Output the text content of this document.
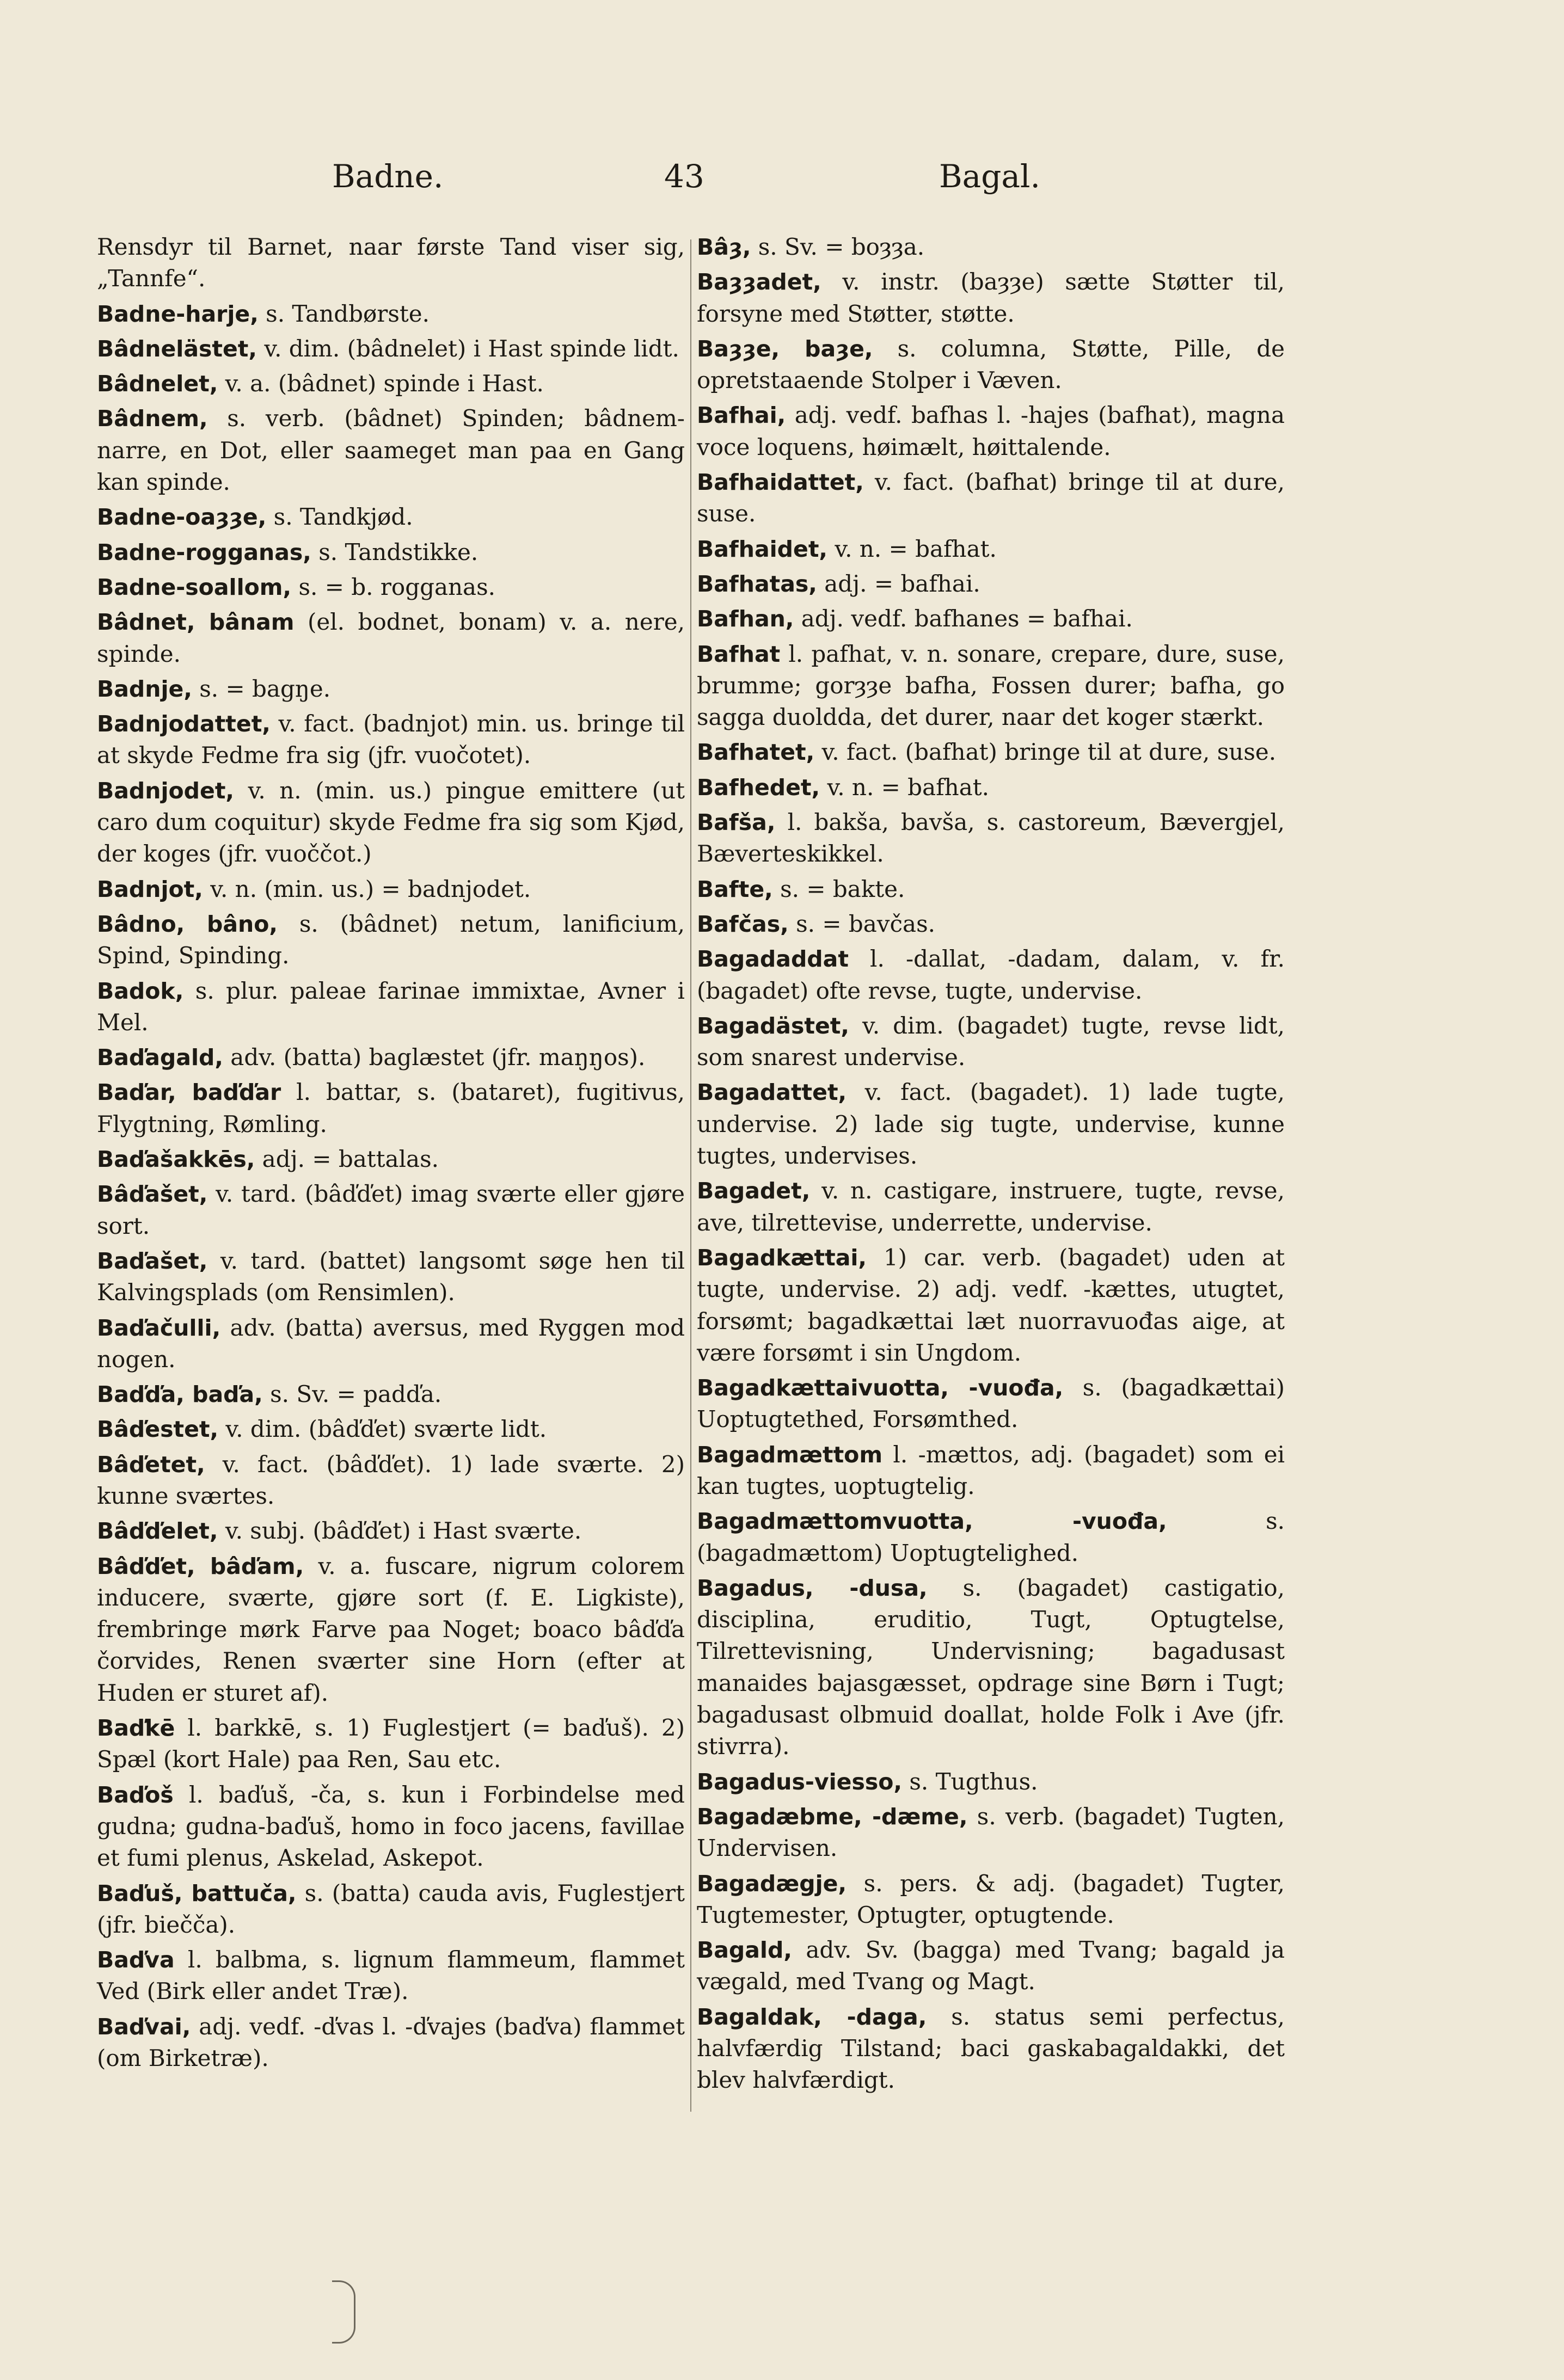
Badne.	43	Bagal.

Rensdyr til Barnet, naar første Tand viser sig, „Tannfe“.

Badne-harje, s. Tandbørste.

Bâdnelästet, v. dim. (bâdnelet) i Hast spinde lidt.

Bâdnelet, v. a. (bâdnet) spinde i Hast.

Bâdnem, s. verb. (bâdnet) Spinden; bâdnem-narre, en Dot, eller saameget man paa en Gang kan spinde.

Badne-oaȝȝe, s. Tandkjød.

Badne-rogganas, s. Tandstikke.

Badne-soallom, s. = b. rogganas.

Bâdnet, bânam (el. bodnet, bonam) v. a. nere, spinde.

Badnje, s. = bagŋe.

Badnjodattet, v. fact. (badnjot) min. us. bringe til at skyde Fedme fra sig (jfr. vuočotet).

Badnjodet, v. n. (min. us.) pingue emittere (ut caro dum coquitur) skyde Fedme fra sig som Kjød, der koges (jfr. vuoččot.)

Badnjot, v. n. (min. us.) = badnjodet.

Bâdno, bâno, s. (bâdnet) netum, lanificium, Spind, Spinding.

Badok, s. plur. paleae farinae immixtae, Avner i Mel.

Baďagald, adv. (batta) baglæstet (jfr. maŋŋos).

Baďar, baďďar l. battar, s. (bataret), fugitivus, Flygtning, Rømling.

Baďašakkēs, adj. = battalas.

Bâďašet, v. tard. (bâďďet) imag sværte eller gjøre sort.

Baďašet, v. tard. (battet) langsomt søge hen til Kalvingsplads (om Rensimlen).

Baďačulli, adv. (batta) aversus, med Ryggen mod nogen.

Baďďa, baďa, s. Sv. = padďa.

Bâďestet, v. dim. (bâďďet) sværte lidt.

Bâďetet, v. fact. (bâďďet). 1) lade sværte. 2) kunne sværtes.

Bâďďelet, v. subj. (bâďďet) i Hast sværte.

Bâďďet, bâďam, v. a. fuscare, nigrum colorem inducere, sværte, gjøre sort (f. E. Ligkiste), frembringe mørk Farve paa Noget; boaco bâďďa čorvides, Renen sværter sine Horn (efter at Huden er sturet af).

Baďkē l. barkkē, s. 1) Fuglestjert (= baďuš). 2) Spæl (kort Hale) paa Ren, Sau etc.

Baďoš l. baďuš, -ča, s. kun i Forbindelse med gudna; gudna-baďuš, homo in foco jacens, favillae et fumi plenus, Askelad, Askepot.

Baďuš, battuča, s. (batta) cauda avis, Fuglestjert (jfr. biečča).

Baďva l. balbma, s. lignum flammeum, flammet Ved (Birk eller andet Træ).

Baďvai, adj. vedf. -ďvas l. -ďvajes (baďva) flammet (om Birketræ).

Bâȝ, s. Sv. = boȝȝa.

Baȝȝadet, v. instr. (baȝȝe) sætte Støtter til, forsyne med Støtter, støtte.

Baȝȝe, baȝe, s. columna, Støtte, Pille, de opretstaaende Stolper i Væven.

Bafhai, adj. vedf. bafhas l. -hajes (bafhat), magna voce loquens, høimælt, høittalende.

Bafhaidattet, v. fact. (bafhat) bringe til at dure, suse.

Bafhaidet, v. n. = bafhat.

Bafhatas, adj. = bafhai.

Bafhan, adj. vedf. bafhanes = bafhai.

Bafhat l. pafhat, v. n. sonare, crepare, dure, suse, brumme; gorȝȝe bafha, Fossen durer; bafha, go sagga duoldda, det durer, naar det koger stærkt.

Bafhatet, v. fact. (bafhat) bringe til at dure, suse.

Bafhedet, v. n. = bafhat.

Bafša, l. bakša, bavša, s. castoreum, Bævergjel, Bæverteskikkel.

Bafte, s. = bakte.

Bafčas, s. = bavčas.

Bagadaddat l. -dallat, -dadam, dalam, v. fr. (bagadet) ofte revse, tugte, undervise.

Bagadästet, v. dim. (bagadet) tugte, revse lidt, som snarest undervise.

Bagadattet, v. fact. (bagadet). 1) lade tugte, undervise. 2) lade sig tugte, undervise, kunne tugtes, undervises.

Bagadet, v. n. castigare, instruere, tugte, revse, ave, tilrettevise, underrette, undervise.

Bagadkættai, 1) car. verb. (bagadet) uden at tugte, undervise. 2) adj. vedf. -kættes, utugtet, forsømt; bagadkættai læt nuorravuođas aige, at være forsømt i sin Ungdom.

Bagadkættaivuotta, -vuođa, s. (bagadkættai) Uoptugtethed, Forsømthed.

Bagadmættom l. -mættos, adj. (bagadet) som ei kan tugtes, uoptugtelig.

Bagadmættomvuotta, -vuođa, s. (bagadmættom) Uoptugtelighed.

Bagadus, -dusa, s. (bagadet) castigatio, disciplina, eruditio, Tugt, Optugtelse, Tilrettevisning, Undervisning; bagadusast manaides bajasgæsset, opdrage sine Børn i Tugt; bagadusast olbmuid doallat, holde Folk i Ave (jfr. stivrra).

Bagadus-viesso, s. Tugthus.

Bagadæbme, -dæme, s. verb. (bagadet) Tugten, Undervisen.

Bagadægje, s. pers. & adj. (bagadet) Tugter, Tugtemester, Optugter, optugtende.

Bagald, adv. Sv. (bagga) med Tvang; bagald ja vægald, med Tvang og Magt.

Bagaldak, -daga, s. status semi perfectus, halvfærdig Tilstand; baci gaskabagaldakki, det blev halvfærdigt.
